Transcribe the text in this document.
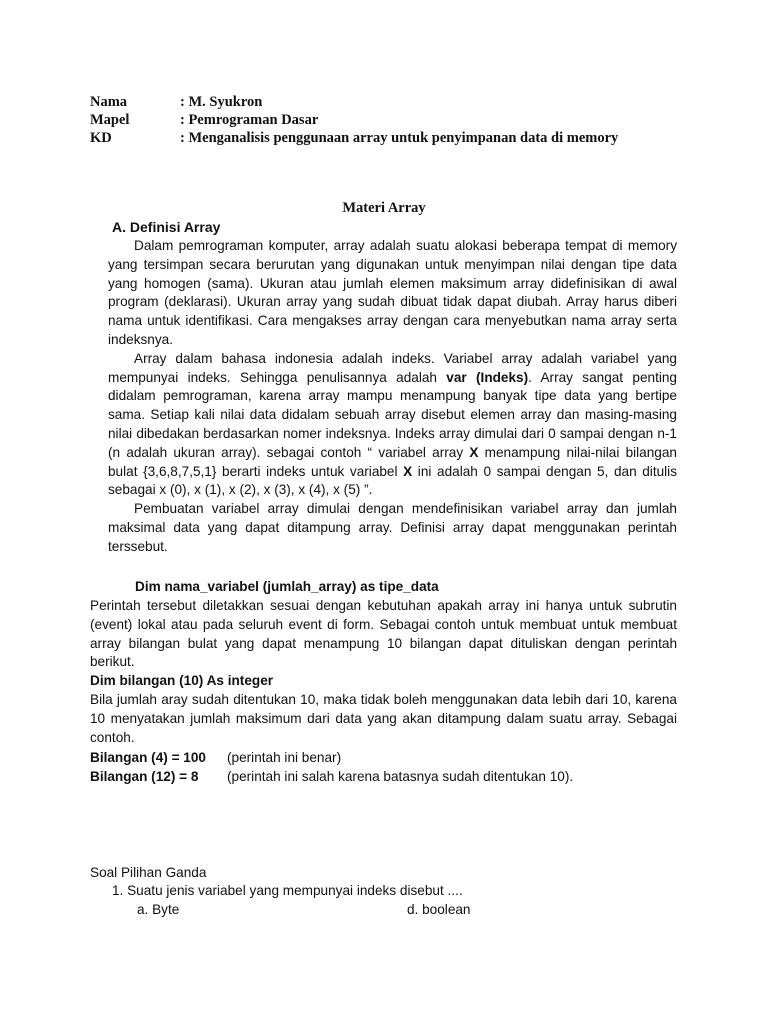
Nama	: M. Syukron
Mapel	: Pemrograman Dasar
KD	: Menganalisis penggunaan array untuk penyimpanan data di memory
Materi Array
A. Definisi Array

Dalam pemrograman komputer, array adalah suatu alokasi beberapa tempat di memory yang tersimpan secara berurutan yang digunakan untuk menyimpan nilai dengan tipe data yang homogen (sama). Ukuran atau jumlah elemen maksimum array didefinisikan di awal program (deklarasi). Ukuran array yang sudah dibuat tidak dapat diubah. Array harus diberi nama untuk identifikasi. Cara mengakses array dengan cara menyebutkan nama array serta indeksnya.

Array dalam bahasa indonesia adalah indeks. Variabel array adalah variabel yang mempunyai indeks. Sehingga penulisannya adalah var (Indeks). Array sangat penting didalam pemrograman, karena array mampu menampung banyak tipe data yang bertipe sama. Setiap kali nilai data didalam sebuah array disebut elemen array dan masing-masing nilai dibedakan berdasarkan nomer indeksnya. Indeks array dimulai dari 0 sampai dengan n-1 (n adalah ukuran array). sebagai contoh “ variabel array X menampung nilai-nilai bilangan bulat {3,6,8,7,5,1} berarti indeks untuk variabel X ini adalah 0 sampai dengan 5, dan ditulis sebagai x (0), x (1), x (2), x (3), x (4), x (5) ”.

Pembuatan variabel array dimulai dengan mendefinisikan variabel array dan jumlah maksimal data yang dapat ditampung array. Definisi array dapat menggunakan perintah terssebut.

Dim nama_variabel (jumlah_array) as tipe_data

Perintah tersebut diletakkan sesuai dengan kebutuhan apakah array ini hanya untuk subrutin (event) lokal atau pada seluruh event di form. Sebagai contoh untuk membuat untuk membuat array bilangan bulat yang dapat menampung 10 bilangan dapat dituliskan dengan perintah berikut.

Dim bilangan (10) As integer

Bila jumlah aray sudah ditentukan 10, maka tidak boleh menggunakan data lebih dari 10, karena 10 menyatakan jumlah maksimum dari data yang akan ditampung dalam suatu array. Sebagai contoh.

Bilangan (4) = 100 (perintah ini benar)
Bilangan (12) = 8 (perintah ini salah karena batasnya sudah ditentukan 10).
Soal Pilihan Ganda
1. Suatu jenis variabel yang mempunyai indeks disebut ....
a. Byte	d. boolean
